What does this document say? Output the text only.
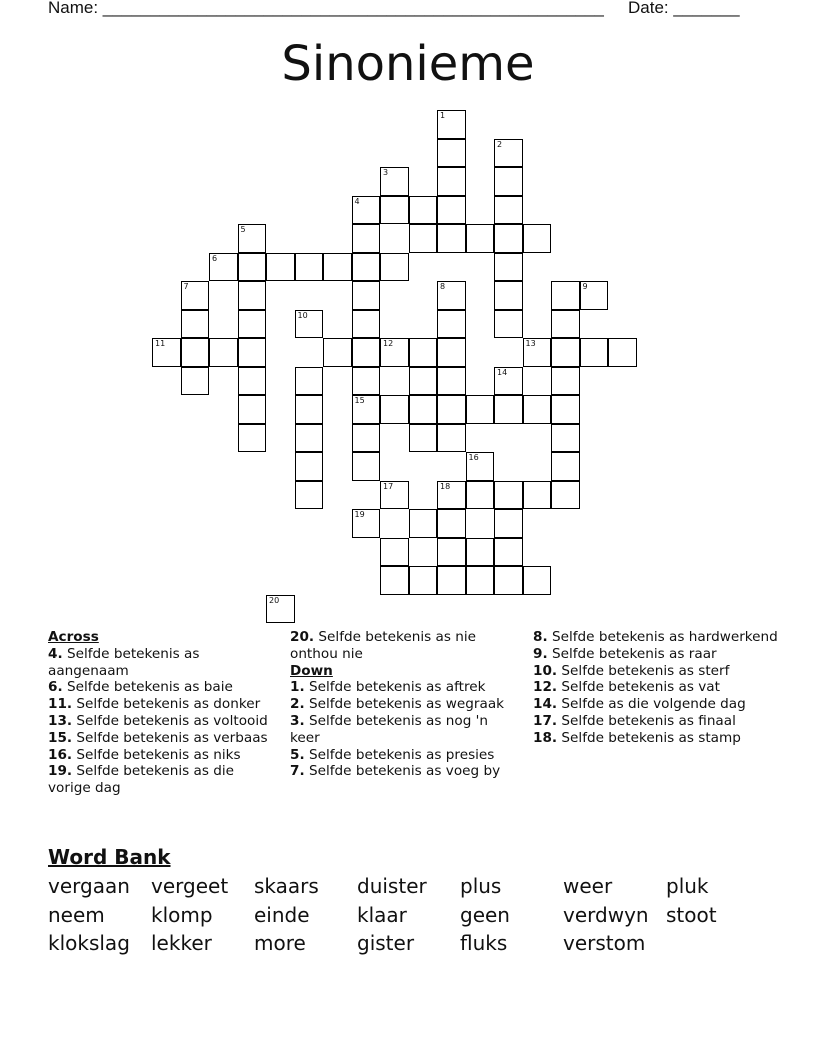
Name: _____________________________________________________ Date: _______
Sinonieme
1
2
3
4
15
5
6
7
11
10
8
13
9
12
14
16
17	18
19
20
Across
4. Selfde betekenis as aangenaam
6. Selfde betekenis as baie
11. Selfde betekenis as donker
13. Selfde betekenis as voltooid
15. Selfde betekenis as verbaas
16. Selfde betekenis as niks
19. Selfde betekenis as die vorige dag
20. Selfde betekenis as nie onthou nie
Down
1. Selfde betekenis as aftrek
2. Selfde betekenis as wegraak
3. Selfde betekenis as nog 'n keer
5. Selfde betekenis as presies
7. Selfde betekenis as voeg by
8. Selfde betekenis as hardwerkend
9. Selfde betekenis as raar
10. Selfde betekenis as sterf
12. Selfde betekenis as vat
14. Selfde as die volgende dag
17. Selfde betekenis as finaal
18. Selfde betekenis as stamp
Word Bank
vergaan	vergeet	skaars	duister	plus	weer	pluk
neem	klomp	einde	klaar	geen	verdwyn stoot
klokslag	lekker	more	gister	fluks	verstom
